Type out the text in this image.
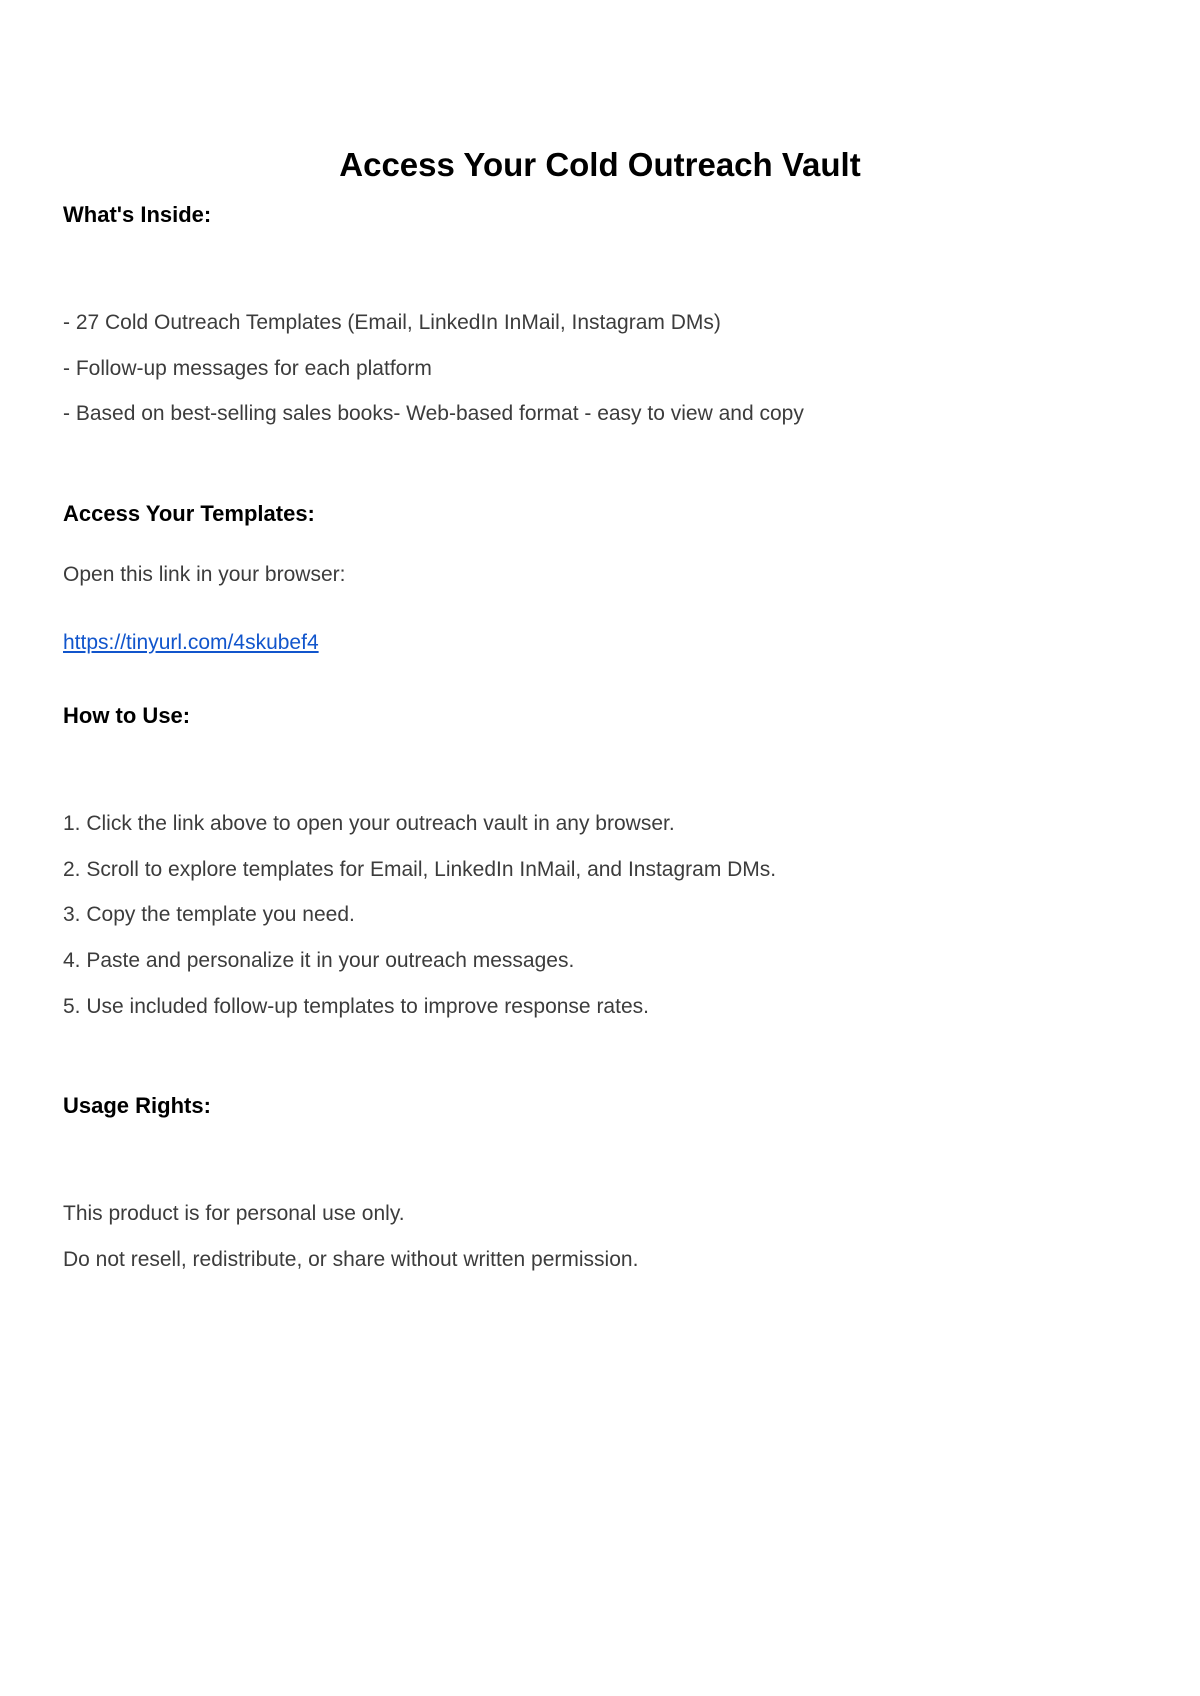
Access Your Cold Outreach Vault
What's Inside:
- 27 Cold Outreach Templates (Email, LinkedIn InMail, Instagram DMs)
- Follow-up messages for each platform
- Based on best-selling sales books- Web-based format - easy to view and copy
Access Your Templates:
Open this link in your browser:
https://tinyurl.com/4skubef4
How to Use:
1. Click the link above to open your outreach vault in any browser.
2. Scroll to explore templates for Email, LinkedIn InMail, and Instagram DMs.
3. Copy the template you need.
4. Paste and personalize it in your outreach messages.
5. Use included follow-up templates to improve response rates.
Usage Rights:
This product is for personal use only.
Do not resell, redistribute, or share without written permission.
